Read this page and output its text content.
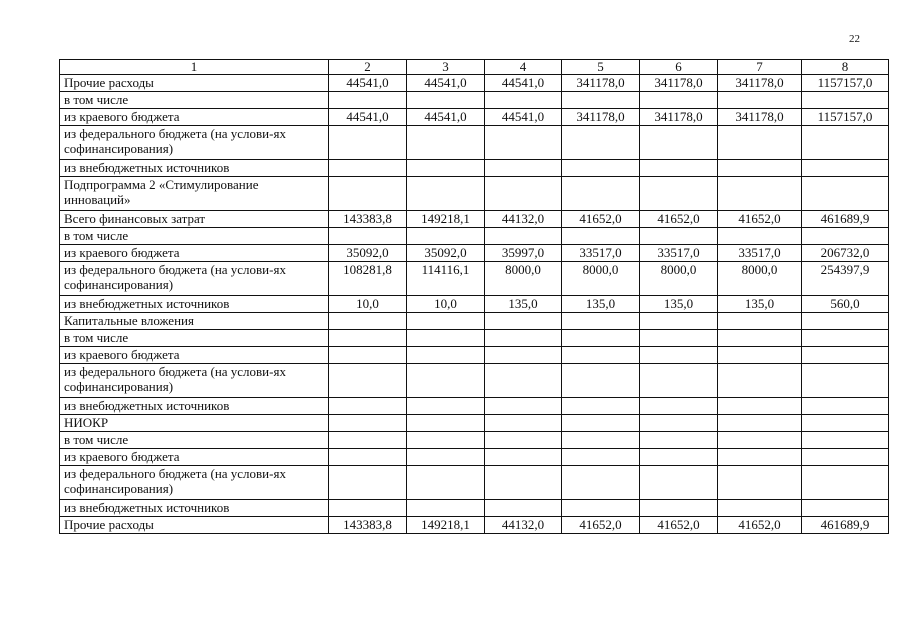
22
1	2	3	4	5	6	7	8
Прочие расходы	44541,0	44541,0	44541,0	341178,0	341178,0	341178,0	1157157,0
в том числе							
из краевого бюджета	44541,0	44541,0	44541,0	341178,0	341178,0	341178,0	1157157,0
из федерального бюджета (на услови-ях софинансирования)							
из внебюджетных источников							
Подпрограмма 2 «Стимулирование инноваций»							
Всего финансовых затрат	143383,8	149218,1	44132,0	41652,0	41652,0	41652,0	461689,9
в том числе							
из краевого бюджета	35092,0	35092,0	35997,0	33517,0	33517,0	33517,0	206732,0
из федерального бюджета (на услови-ях софинансирования)	108281,8	114116,1	8000,0	8000,0	8000,0	8000,0	254397,9
из внебюджетных источников	10,0	10,0	135,0	135,0	135,0	135,0	560,0
Капитальные вложения							
в том числе							
из краевого бюджета							
из федерального бюджета (на услови-ях софинансирования)							
из внебюджетных источников							
НИОКР							
в том числе							
из краевого бюджета							
из федерального бюджета (на услови-ях софинансирования)							
из внебюджетных источников							
Прочие расходы	143383,8	149218,1	44132,0	41652,0	41652,0	41652,0	461689,9
